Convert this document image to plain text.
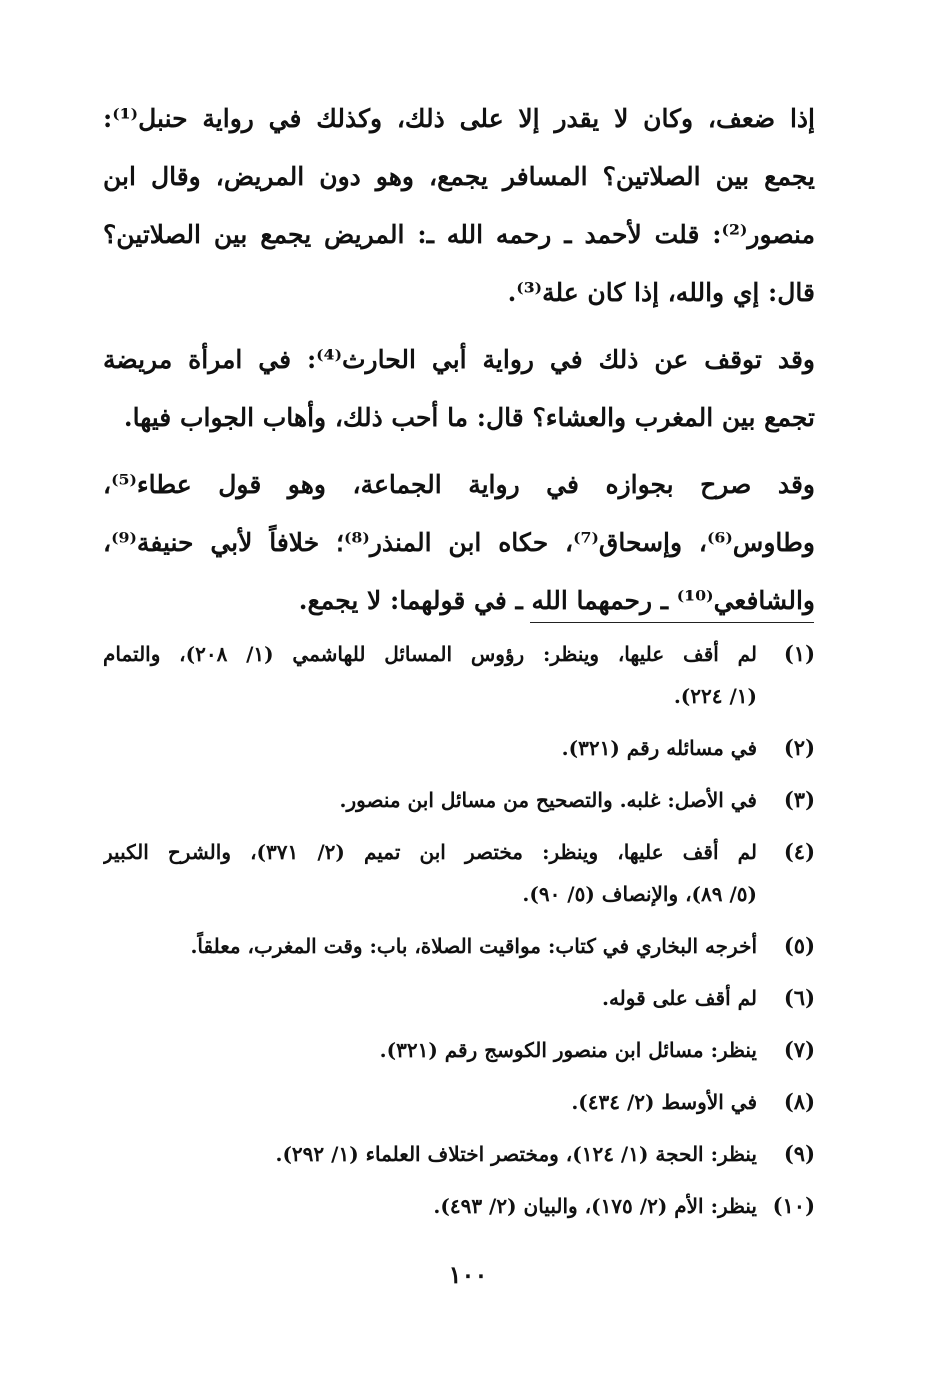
إذا ضعف، وكان لا يقدر إلا على ذلك، وكذلك في رواية حنبل⁽¹⁾:
يجمع بين الصلاتين؟ المسافر يجمع، وهو دون المريض، وقال ابن
منصور⁽²⁾: قلت لأحمد ـ رحمه الله ـ: المريض يجمع بين الصلاتين؟
قال: إي والله، إذا كان علة⁽³⁾.
وقد توقف عن ذلك في رواية أبي الحارث⁽⁴⁾: في امرأة مريضة
تجمع بين المغرب والعشاء؟ قال: ما أحب ذلك، وأهاب الجواب فيها.
وقد صرح بجوازه في رواية الجماعة، وهو قول عطاء⁽⁵⁾،
وطاوس⁽⁶⁾، وإسحاق⁽⁷⁾، حكاه ابن المنذر⁽⁸⁾؛ خلافاً لأبي حنيفة⁽⁹⁾،
والشافعي⁽¹⁰⁾ ـ رحمهما الله ـ في قولهما: لا يجمع.
(١)
لم أقف عليها، وينظر: رؤوس المسائل للهاشمي (١/ ٢٠٨)، والتمام
(١/ ٢٢٤).
(٢)
في مسائله رقم (٣٢١).
(٣)
في الأصل: غلبه. والتصحيح من مسائل ابن منصور.
(٤)
لم أقف عليها، وينظر: مختصر ابن تميم (٢/ ٣٧١)، والشرح الكبير
(٥/ ٨٩)، والإنصاف (٥/ ٩٠).
(٥)
أخرجه البخاري في كتاب: مواقيت الصلاة، باب: وقت المغرب، معلقاً.
(٦)
لم أقف على قوله.
(٧)
ينظر: مسائل ابن منصور الكوسج رقم (٣٢١).
(٨)
في الأوسط (٢/ ٤٣٤).
(٩)
ينظر: الحجة (١/ ١٢٤)، ومختصر اختلاف العلماء (١/ ٢٩٢).
(١٠)
ينظر: الأم (٢/ ١٧٥)، والبيان (٢/ ٤٩٣).
١٠٠
